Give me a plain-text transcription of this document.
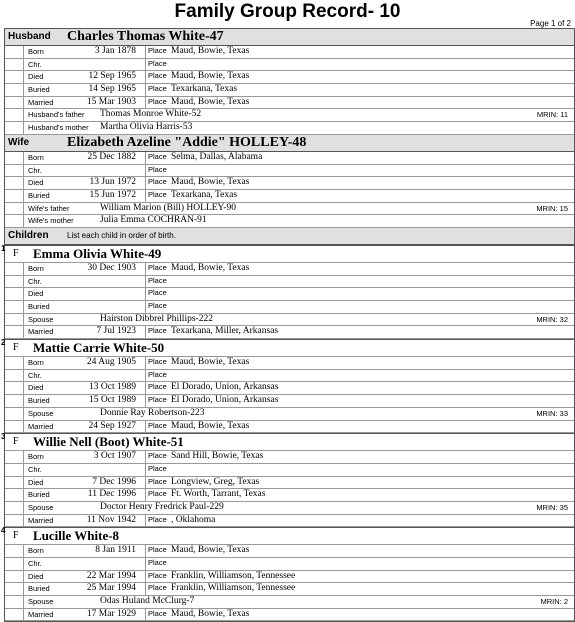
Family Group Record- 10
Page 1 of 2
Husband Charles Thomas White-47
Born	3 Jan 1878 Place Maud, Bowie, Texas
Chr.	Place
Died	12 Sep 1965 Place Maud, Bowie, Texas
Buried	14 Sep 1965 Place Texarkana, Texas
Married	15 Mar 1903 Place Maud, Bowie, Texas
Husband's father	Thomas Monroe White-52	MRIN: 11
Husband's mother	Martha Olivia Harris-53
Wife	Elizabeth Azeline "Addie" HOLLEY-48
Born	25 Dec 1882 Place Selma, Dallas, Alabama
Chr.	Place
Died	13 Jun 1972 Place Maud, Bowie, Texas
Buried	15 Jun 1972 Place Texarkana, Texas
Wife's father	William Marion (Bill) HOLLEY-90	MRIN: 15
Wife's mother	Julia Emma COCHRAN-91
Children List each child in order of birth.
1 F Emma Olivia White-49
Born	30 Dec 1903 Place Maud, Bowie, Texas
Chr.	Place
Died	Place
Buried	Place
Spouse	Hairston Dibbrel Phillips-222	MRIN: 32
Married	7 Jul 1923 Place Texarkana, Miller, Arkansas
2 F Mattie Carrie White-50
Born	24 Aug 1905 Place Maud, Bowie, Texas
Chr.	Place
Died	13 Oct 1989 Place El Dorado, Union, Arkansas
Buried	15 Oct 1989 Place El Dorado, Union, Arkansas
Spouse	Donnie Ray Robertson-223	MRIN: 33
Married	24 Sep 1927 Place Maud, Bowie, Texas
3 F Willie Nell (Boot) White-51
Born	3 Oct 1907 Place Sand Hill, Bowie, Texas
Chr.	Place
Died	7 Dec 1996 Place Longview, Greg, Texas
Buried	11 Dec 1996 Place Ft. Worth, Tarrant, Texas
Spouse	Doctor Henry Fredrick Paul-229	MRIN: 35
Married	11 Nov 1942 Place , Oklahoma
4 F Lucille White-8
Born	8 Jan 1911 Place Maud, Bowie, Texas
Chr.	Place
Died	22 Mar 1994 Place Franklin, Williamson, Tennessee
Buried	25 Mar 1994 Place Franklin, Williamson, Tennessee
Spouse	Odas Huland McClurg-7	MRIN: 2
Married	17 Mar 1929 Place Maud, Bowie, Texas
